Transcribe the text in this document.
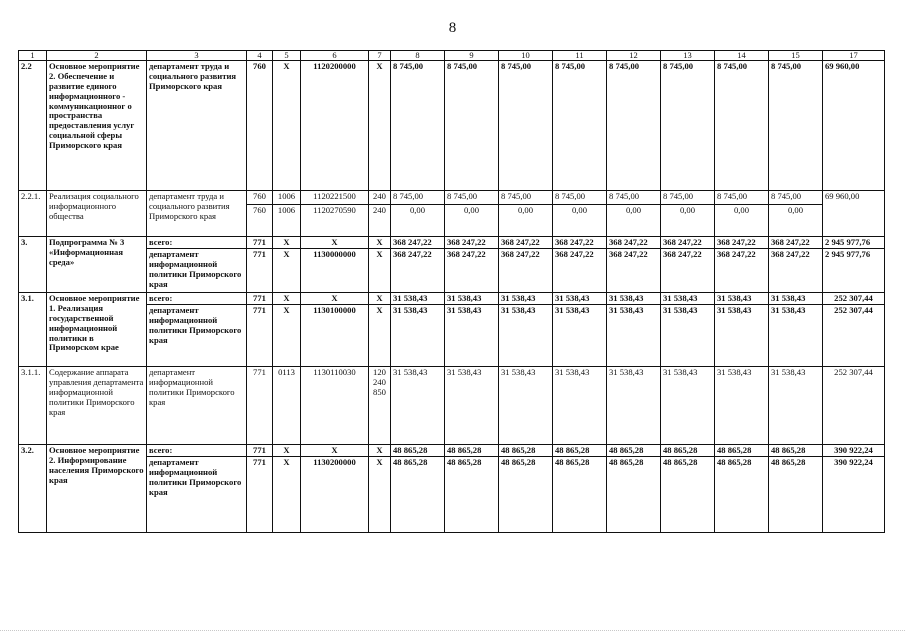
8
1	2	3	4	5	6	7	8	9	10	11	12	13	14	15	17
2.2	Основное мероприятие 2. Обеспечение и развитие единого информационного - коммуникационног о пространства предоставления услуг социальной сферы Приморского края	департамент труда и социального развития Приморского края	760	Х	1120200000	Х	8 745,00	8 745,00	8 745,00	8 745,00	8 745,00	8 745,00	8 745,00	8 745,00	69 960,00
2.2.1.	Реализация социального информационного общества	департамент труда и социального развития Приморского края	760	1006	1120221500	240	8 745,00	8 745,00	8 745,00	8 745,00	8 745,00	8 745,00	8 745,00	8 745,00	69 960,00
			760	1006	1120270590	240	0,00	0,00	0,00	0,00	0,00	0,00	0,00	0,00	
3.	Подпрограмма № 3 «Информационная среда»	всего:	771	Х	Х	Х	368 247,22	368 247,22	368 247,22	368 247,22	368 247,22	368 247,22	368 247,22	368 247,22	2 945 977,76
		департамент информационной политики Приморского края	771	Х	1130000000	Х	368 247,22	368 247,22	368 247,22	368 247,22	368 247,22	368 247,22	368 247,22	368 247,22	2 945 977,76
3.1.	Основное мероприятие 1. Реализация государственной информационной политики в Приморском крае	всего:	771	Х	Х	Х	31 538,43	31 538,43	31 538,43	31 538,43	31 538,43	31 538,43	31 538,43	31 538,43	252 307,44
		департамент информационной политики Приморского края	771	Х	1130100000	Х	31 538,43	31 538,43	31 538,43	31 538,43	31 538,43	31 538,43	31 538,43	31 538,43	252 307,44
3.1.1.	Содержание аппарата управления департамента информационной политики Приморского края	департамент информационной политики Приморского края	771	0113	1130110030	120 240 850	31 538,43	31 538,43	31 538,43	31 538,43	31 538,43	31 538,43	31 538,43	31 538,43	252 307,44
3.2.	Основное мероприятие 2. Информирование населения Приморского края	всего:	771	Х	Х	Х	48 865,28	48 865,28	48 865,28	48 865,28	48 865,28	48 865,28	48 865,28	48 865,28	390 922,24
		департамент информационной политики Приморского края	771	Х	1130200000	Х	48 865,28	48 865,28	48 865,28	48 865,28	48 865,28	48 865,28	48 865,28	48 865,28	390 922,24
